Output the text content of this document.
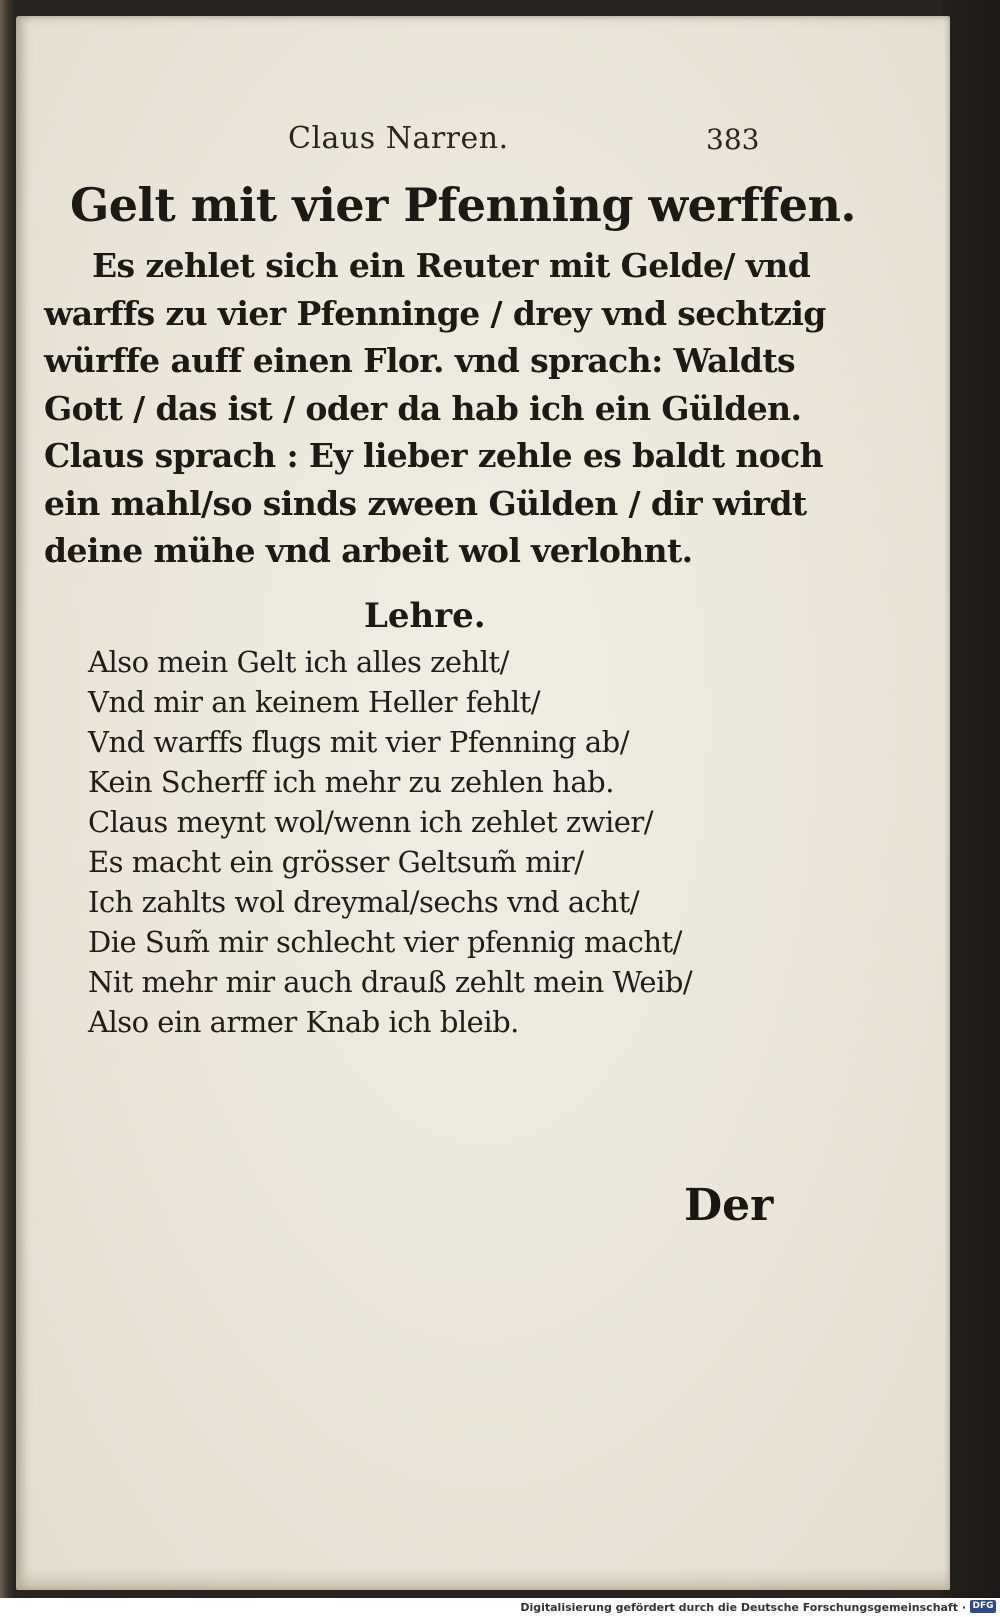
Claus Narren.	383
Gelt mit vier Pfenning werffen.
Es zehlet sich ein Reuter mit Gelde/ vnd
warffs zu vier Pfenninge / drey vnd sechtzig
würffe auff einen Flor. vnd sprach: Waldts
Gott / das ist / oder da hab ich ein Gülden.
Claus sprach : Ey lieber zehle es baldt noch
ein mahl/so sinds zween Gülden / dir wirdt
deine mühe vnd arbeit wol verlohnt.
Lehre.
Also mein Gelt ich alles zehlt/
Vnd mir an keinem Heller fehlt/
Vnd warffs flugs mit vier Pfenning ab/
Kein Scherff ich mehr zu zehlen hab.
Claus meynt wol/wenn ich zehlet zwier/
Es macht ein grösser Geltsum̃ mir/
Ich zahlts wol dreymal/sechs vnd acht/
Die Sum̃ mir schlecht vier pfennig macht/
Nit mehr mir auch drauß zehlt mein Weib/
Also ein armer Knab ich bleib.
Der
Digitalisierung gefördert durch die Deutsche Forschungsgemeinschaft · DFG
